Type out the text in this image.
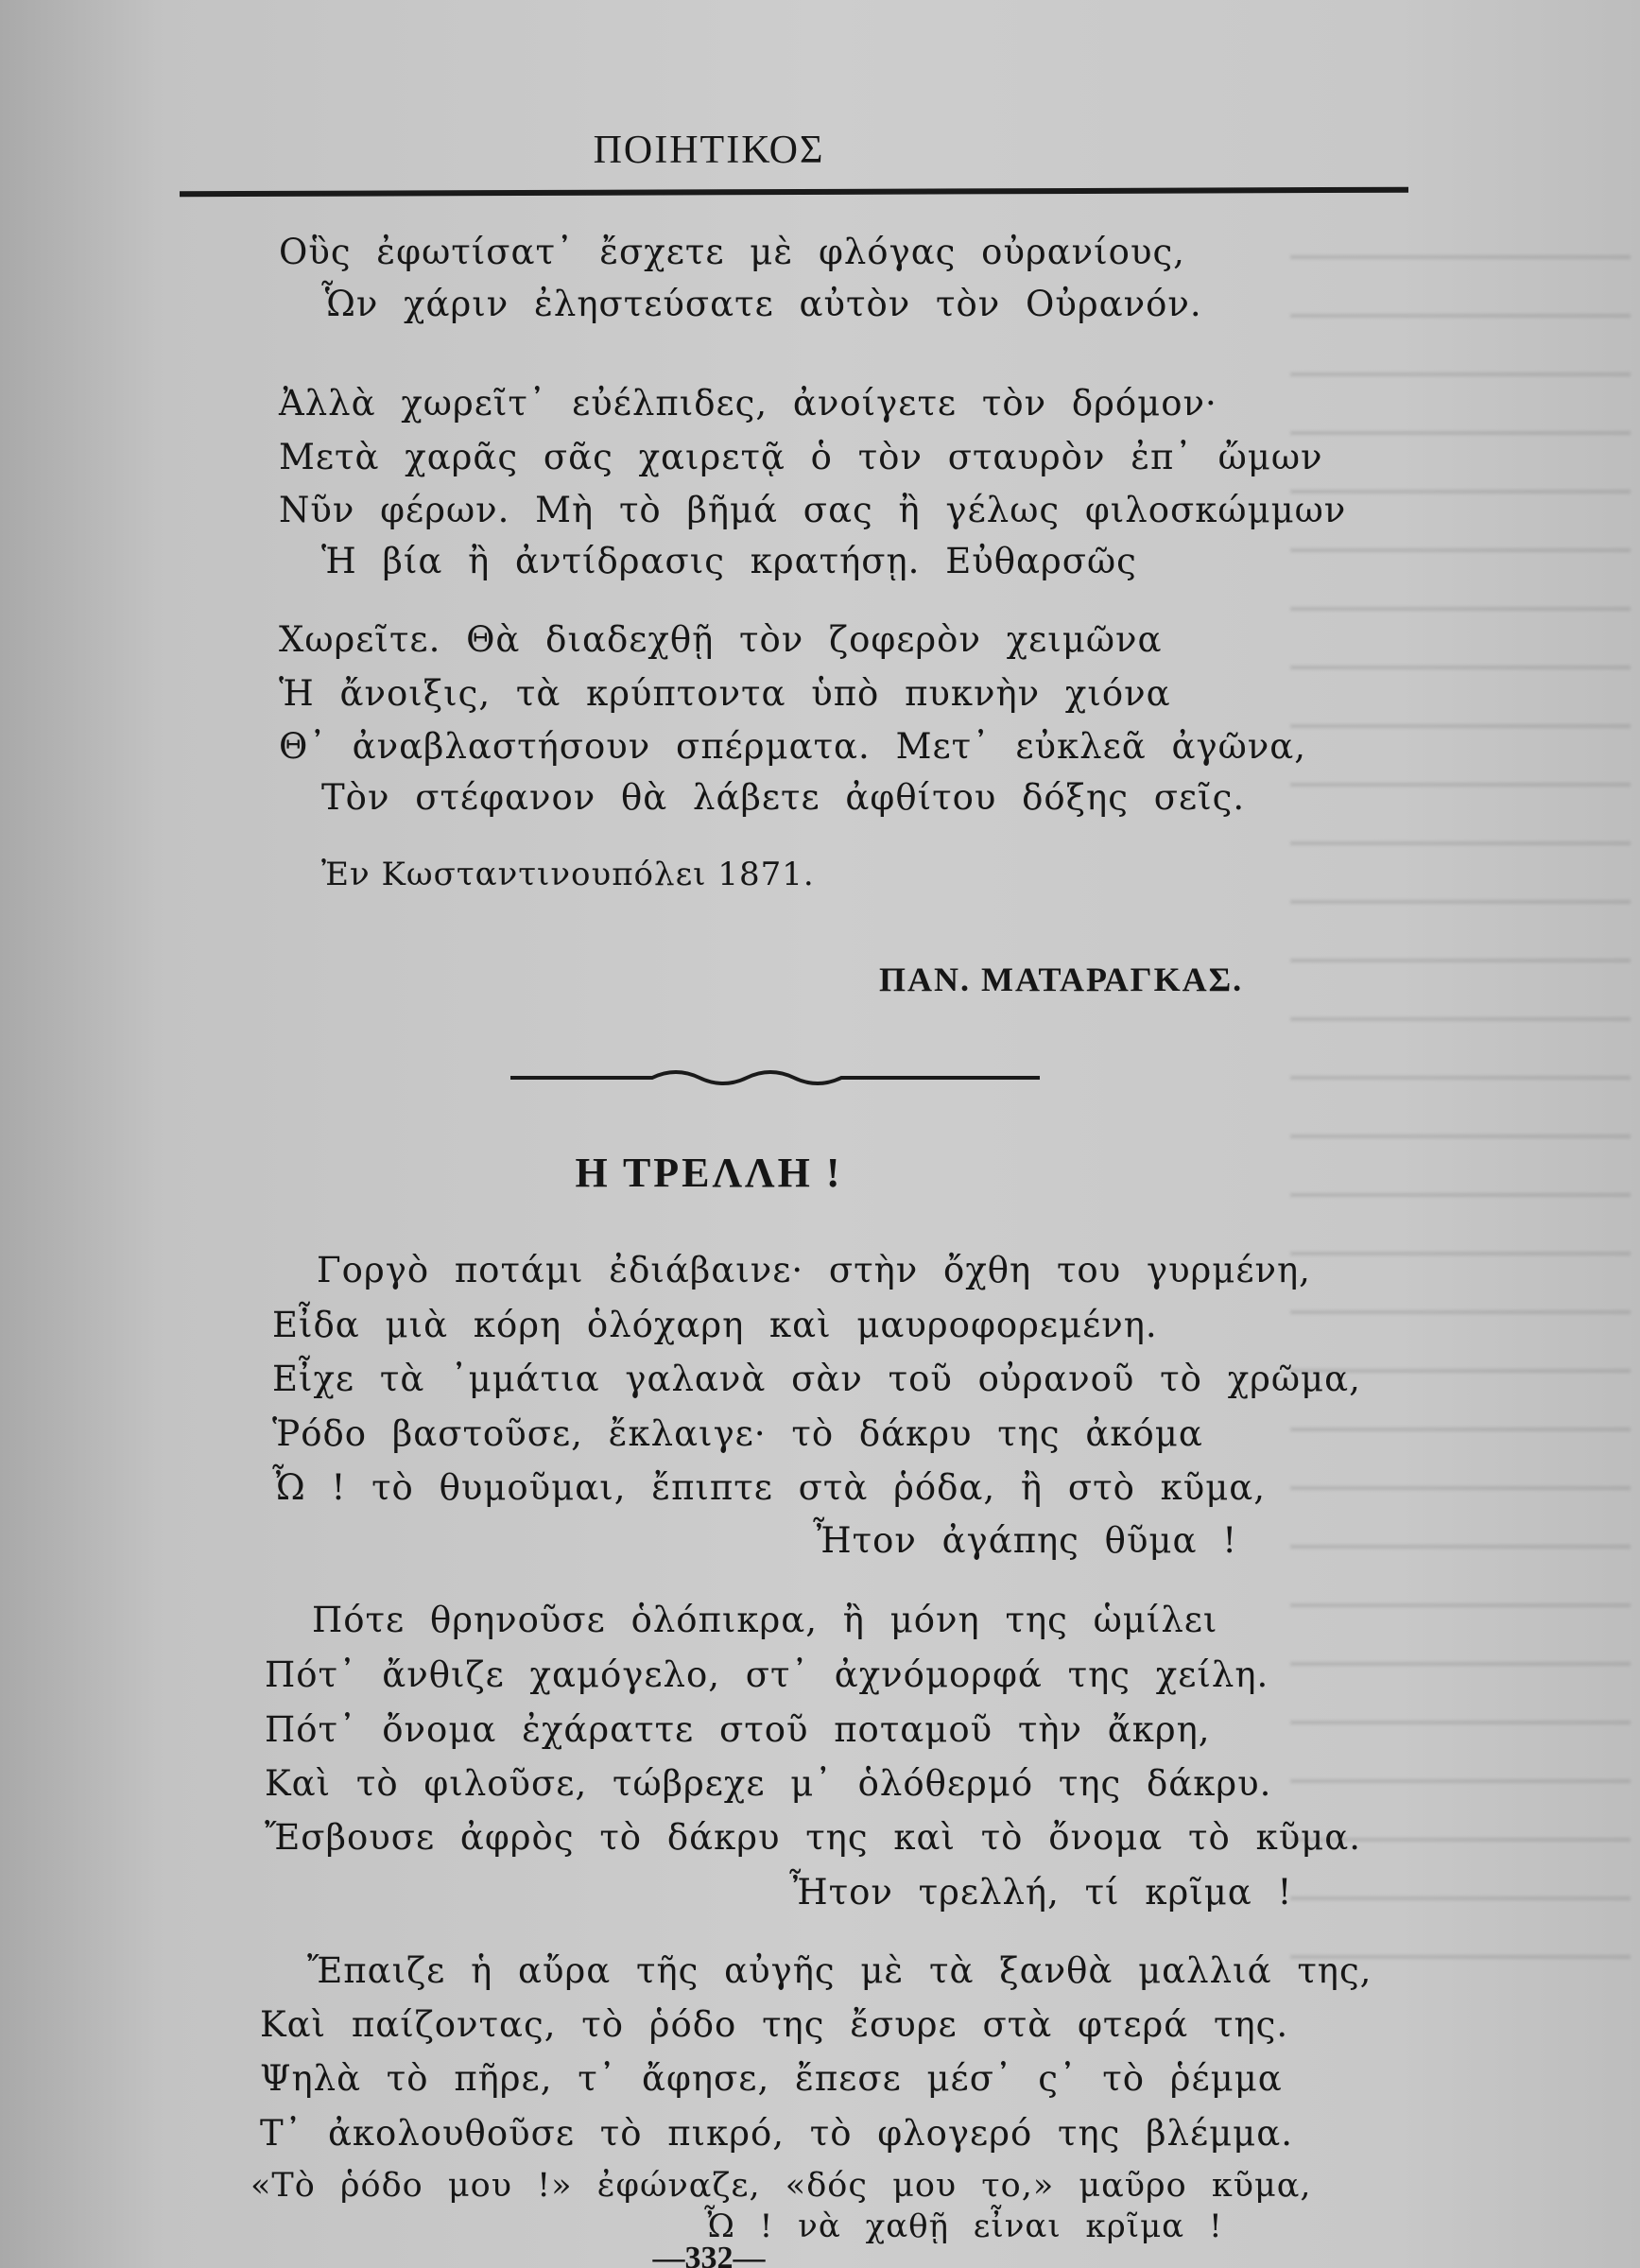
ΠΟΙΗΤΙΚΟΣ
Οὓς ἐφωτίσατ᾽ ἔσχετε μὲ φλόγας οὐρανίους,
Ὧν χάριν ἐληστεύσατε αὐτὸν τὸν Οὐρανόν.
Ἀλλὰ χωρεῖτ᾽ εὐέλπιδες, ἀνοίγετε τὸν δρόμον·
Μετὰ χαρᾶς σᾶς χαιρετᾷ ὁ τὸν σταυρὸν ἐπ᾽ ὤμων
Νῦν φέρων. Μὴ τὸ βῆμά σας ἢ γέλως φιλοσκώμμων
Ἡ βία ἢ ἀντίδρασις κρατήσῃ. Εὐθαρσῶς
Χωρεῖτε. Θὰ διαδεχθῇ τὸν ζοφερὸν χειμῶνα
Ἡ ἄνοιξις, τὰ κρύπτοντα ὑπὸ πυκνὴν χιόνα
Θ᾽ ἀναβλαστήσουν σπέρματα. Μετ᾽ εὐκλεᾶ ἀγῶνα,
Τὸν στέφανον θὰ λάβετε ἀφθίτου δόξης σεῖς.
Ἐν Κωσταντινουπόλει 1871.
ΠΑΝ. ΜΑΤΑΡΑΓΚΑΣ.
Η ΤΡΕΛΛΗ !
Γοργὸ ποτάμι ἐδιάβαινε· στὴν ὄχθη του γυρμένη,
Εἶδα μιὰ κόρη ὁλόχαρη καὶ μαυροφορεμένη.
Εἶχε τὰ ᾽μμάτια γαλανὰ σὰν τοῦ οὐρανοῦ τὸ χρῶμα,
Ῥόδο βαστοῦσε, ἔκλαιγε· τὸ δάκρυ της ἀκόμα
Ὦ ! τὸ θυμοῦμαι, ἔπιπτε στὰ ῥόδα, ἢ στὸ κῦμα,
Ἦτον ἀγάπης θῦμα !
Πότε θρηνοῦσε ὁλόπικρα, ἢ μόνη της ὡμίλει
Πότ᾽ ἄνθιζε χαμόγελο, στ᾽ ἀχνόμορφά της χείλη.
Πότ᾽ ὄνομα ἐχάραττε στοῦ ποταμοῦ τὴν ἄκρη,
Καὶ τὸ φιλοῦσε, τώβρεχε μ᾽ ὁλόθερμό της δάκρυ.
Ἔσβουσε ἀφρὸς τὸ δάκρυ της καὶ τὸ ὄνομα τὸ κῦμα.
Ἦτον τρελλή, τί κρῖμα !
Ἔπαιζε ἡ αὔρα τῆς αὐγῆς μὲ τὰ ξανθὰ μαλλιά της,
Καὶ παίζοντας, τὸ ῥόδο της ἔσυρε στὰ φτερά της.
Ψηλὰ τὸ πῆρε, τ᾽ ἄφησε, ἔπεσε μέσ᾽ ς᾽ τὸ ῥέμμα
Τ᾽ ἀκολουθοῦσε τὸ πικρό, τὸ φλογερό της βλέμμα.
«Τὸ ῥόδο μου !» ἐφώναζε, «δός μου το,» μαῦρο κῦμα,
Ὦ ! νὰ χαθῇ εἶναι κρῖμα !
—332—
